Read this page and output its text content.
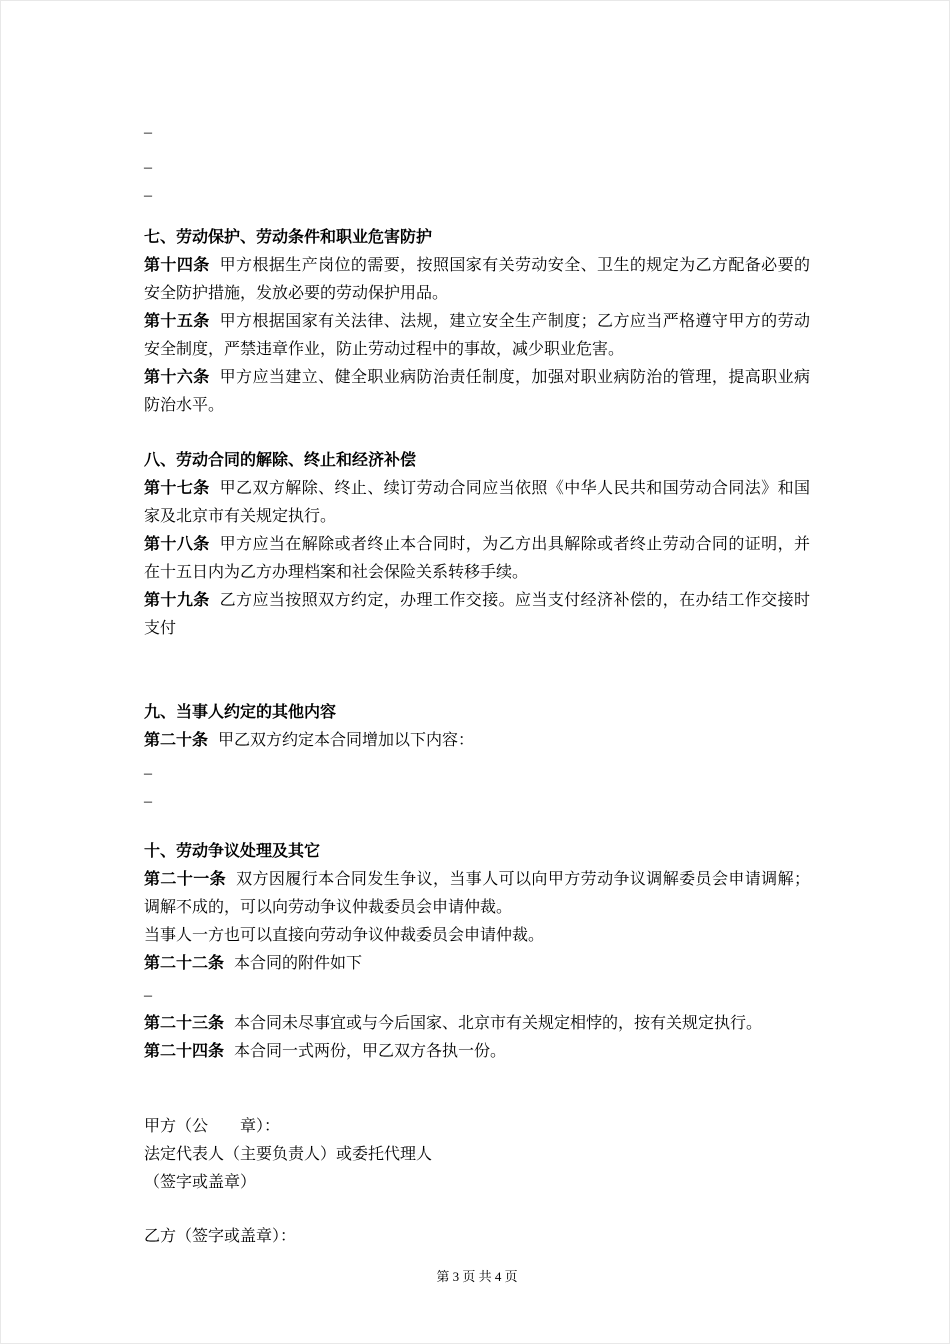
–

–

–

七、劳动保护、劳动条件和职业危害防护

第十四条 甲方根据生产岗位的需要，按照国家有关劳动安全、卫生的规定为乙方配备必要的安全防护措施，发放必要的劳动保护用品。

第十五条 甲方根据国家有关法律、法规，建立安全生产制度；乙方应当严格遵守甲方的劳动安全制度，严禁违章作业，防止劳动过程中的事故，减少职业危害。

第十六条 甲方应当建立、健全职业病防治责任制度，加强对职业病防治的管理，提高职业病防治水平。

八、劳动合同的解除、终止和经济补偿

第十七条 甲乙双方解除、终止、续订劳动合同应当依照《中华人民共和国劳动合同法》和国家及北京市有关规定执行。

第十八条 甲方应当在解除或者终止本合同时，为乙方出具解除或者终止劳动合同的证明，并在十五日内为乙方办理档案和社会保险关系转移手续。

第十九条 乙方应当按照双方约定，办理工作交接。应当支付经济补偿的，在办结工作交接时支付

九、当事人约定的其他内容

第二十条 甲乙双方约定本合同增加以下内容：

–

–

十、劳动争议处理及其它

第二十一条 双方因履行本合同发生争议，当事人可以向甲方劳动争议调解委员会申请调解；调解不成的，可以向劳动争议仲裁委员会申请仲裁。

当事人一方也可以直接向劳动争议仲裁委员会申请仲裁。

第二十二条 本合同的附件如下

–

第二十三条 本合同未尽事宜或与今后国家、北京市有关规定相悖的，按有关规定执行。

第二十四条 本合同一式两份，甲乙双方各执一份。

甲方（公　　章）：

法定代表人（主要负责人）或委托代理人

（签字或盖章）

乙方（签字或盖章）：

第 3 页 共 4 页
